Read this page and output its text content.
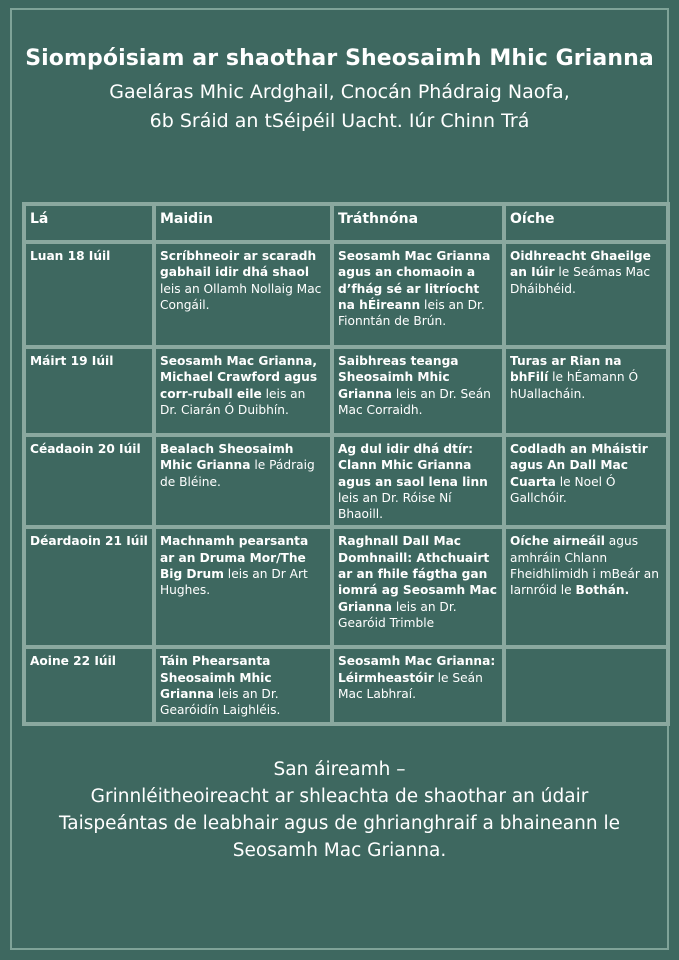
Siompóisiam ar shaothar Sheosaimh Mhic Grianna
Gaeláras Mhic Ardghail, Cnocán Phádraig Naofa,
6b Sráid an tSéipéil Uacht. Iúr Chinn Trá
Lá	Maidin	Tráthnóna	Oíche
Luan 18 Iúil	Scríbhneoir ar scaradh gabhail idir dhá shaol leis an Ollamh Nollaig Mac Congáil.	Seosamh Mac Grianna agus an chomaoin a d’fhág sé ar litríocht na hÉireann leis an Dr. Fionntán de Brún.	Oidhreacht Ghaeilge an Iúir le Seámas Mac Dháibhéid.
Máirt 19 Iúil	Seosamh Mac Grianna, Michael Crawford agus corr-ruball eile leis an Dr. Ciarán Ó Duibhín.	Saibhreas teanga Sheosaimh Mhic Grianna leis an Dr. Seán Mac Corraidh.	Turas ar Rian na bhFilí le hÉamann Ó hUallacháin.
Céadaoin 20 Iúil	Bealach Sheosaimh Mhic Grianna le Pádraig de Bléine.	Ag dul idir dhá dtír: Clann Mhic Grianna agus an saol lena linn leis an Dr. Róise Ní Bhaoill.	Codladh an Mháistir agus An Dall Mac Cuarta le Noel Ó Gallchóir.
Déardaoin 21 Iúil	Machnamh pearsanta ar an Druma Mor/The Big Drum leis an Dr Art Hughes.	Raghnall Dall Mac Domhnaill: Athchuairt ar an fhile fágtha gan iomrá ag Seosamh Mac Grianna leis an Dr. Gearóid Trimble	Oíche airneáil agus amhráin Chlann Fheidhlimidh i mBeár an Iarnróid le Bothán.
Aoine 22 Iúil	Táin Phearsanta Sheosaimh Mhic Grianna leis an Dr. Gearóidín Laighléis.	Seosamh Mac Grianna: Léirmheastóir le Seán Mac Labhraí.	
San áireamh –
Grinnléitheoireacht ar shleachta de shaothar an údair
Taispeántas de leabhair agus de ghrianghraif a bhaineann le
Seosamh Mac Grianna.
